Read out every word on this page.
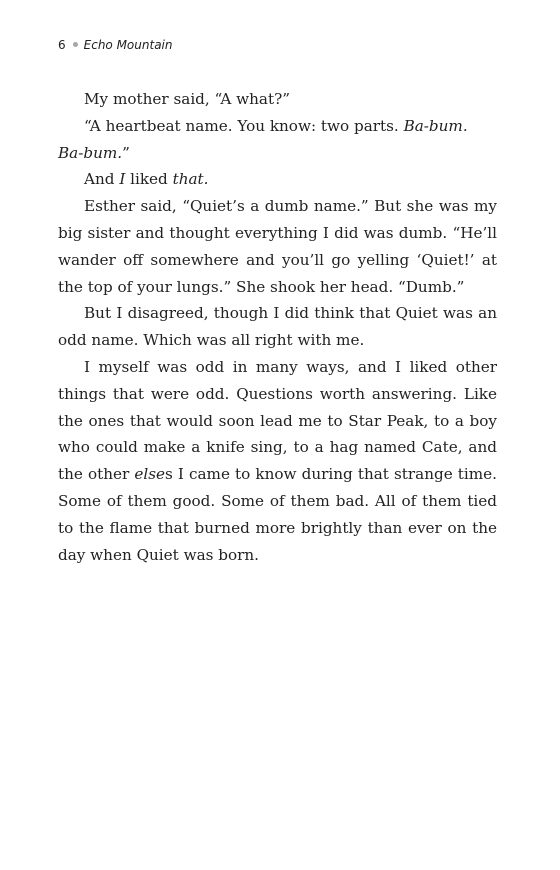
6 Echo Mountain

My mother said, “A what?”

“A heartbeat name. You know: two parts. Ba-bum. Ba-bum.”

And I liked that.

Esther said, “Quiet’s a dumb name.” But she was my big sister and thought everything I did was dumb. “He’ll wander off somewhere and you’ll go yelling ‘Quiet!’ at the top of your lungs.” She shook her head. “Dumb.”

But I disagreed, though I did think that Quiet was an odd name. Which was all right with me.

I myself was odd in many ways, and I liked other things that were odd. Questions worth answering. Like the ones that would soon lead me to Star Peak, to a boy who could make a knife sing, to a hag named Cate, and the other elses I came to know during that strange time. Some of them good. Some of them bad. All of them tied to the flame that burned more brightly than ever on the day when Quiet was born.
